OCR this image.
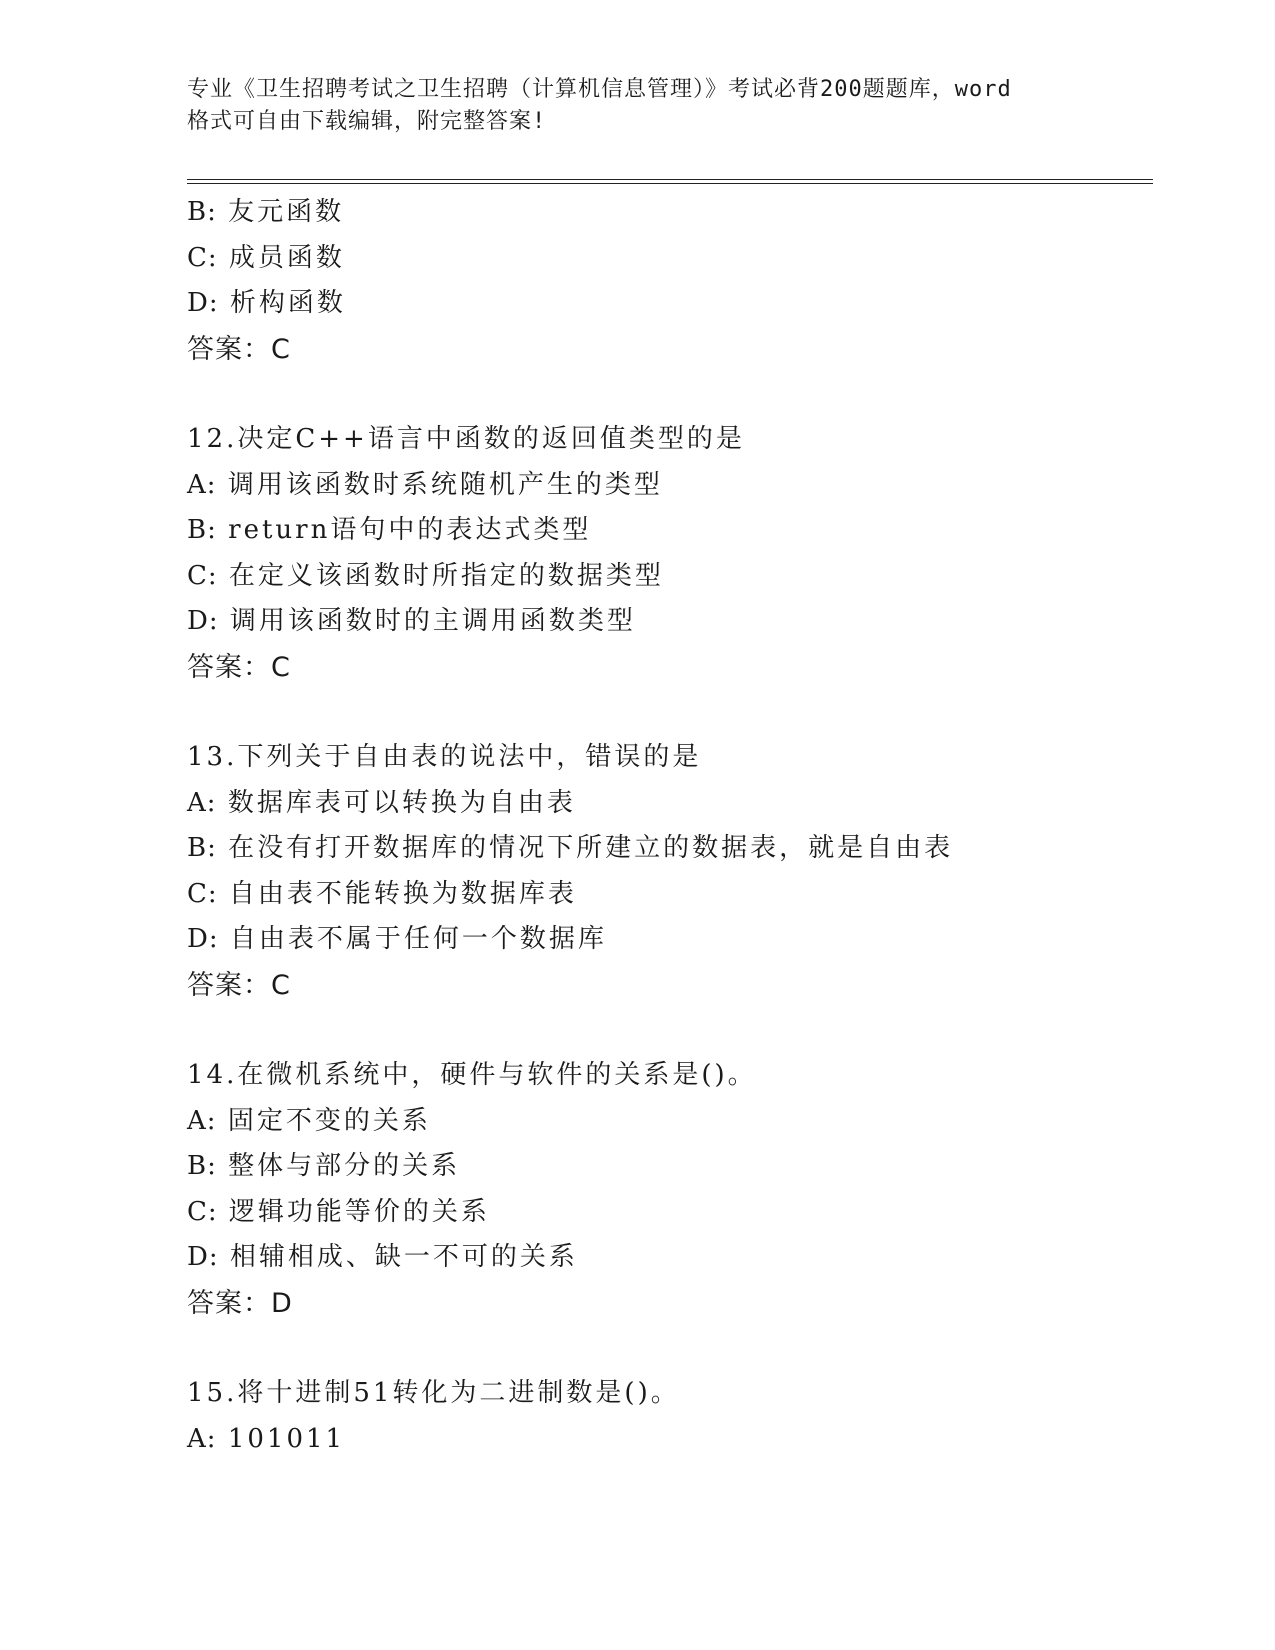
专业《卫生招聘考试之卫生招聘（计算机信息管理）》考试必背200题题库，word
格式可自由下载编辑，附完整答案!
B: 友元函数
C: 成员函数
D: 析构函数
答案：C
12.决定C++语言中函数的返回值类型的是
A: 调用该函数时系统随机产生的类型
B: return语句中的表达式类型
C: 在定义该函数时所指定的数据类型
D: 调用该函数时的主调用函数类型
答案：C
13.下列关于自由表的说法中，错误的是
A: 数据库表可以转换为自由表
B: 在没有打开数据库的情况下所建立的数据表，就是自由表
C: 自由表不能转换为数据库表
D: 自由表不属于任何一个数据库
答案：C
14.在微机系统中，硬件与软件的关系是()。
A: 固定不变的关系
B: 整体与部分的关系
C: 逻辑功能等价的关系
D: 相辅相成、缺一不可的关系
答案：D
15.将十进制51转化为二进制数是()。
A: 101011
